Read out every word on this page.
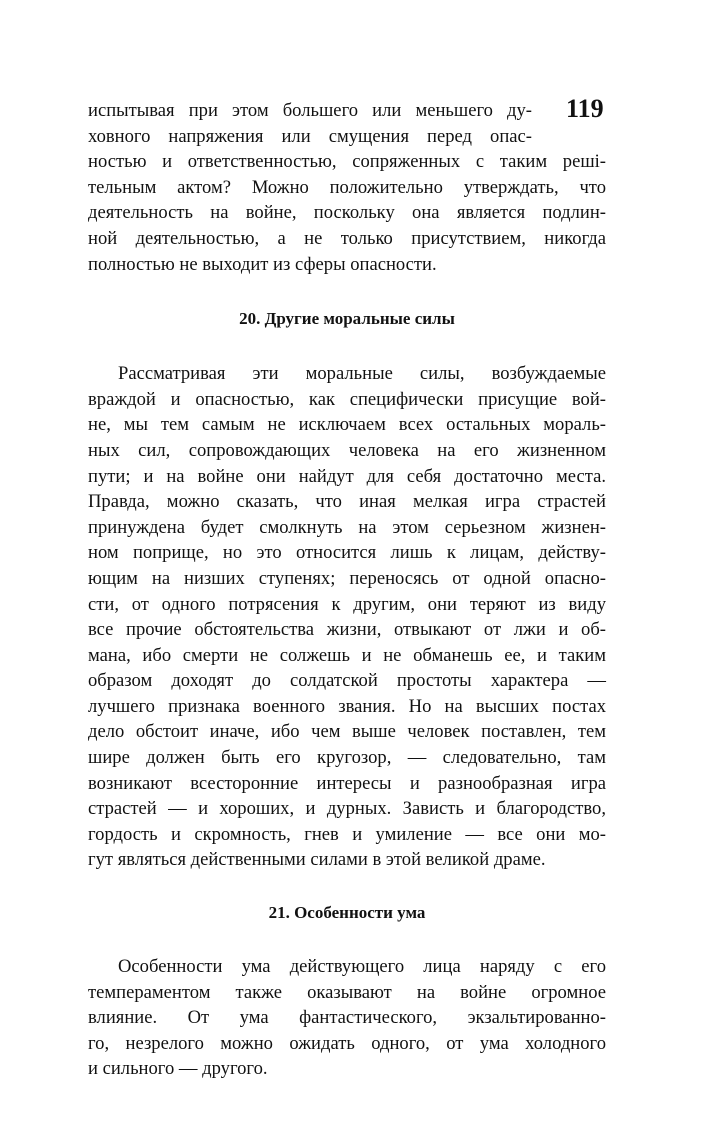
119
испытывая при этом большего или меньшего ду-
ховного напряжения или смущения перед опас-
ностью и ответственностью, сопряженных с таким решi-
тельным актом? Можно положительно утверждать, что
деятельность на войне, поскольку она является подлин-
ной деятельностью, а не только присутствием, никогда
полностью не выходит из сферы опасности.
20. Другие моральные силы
Рассматривая эти моральные силы, возбуждаемые
враждой и опасностью, как специфически присущие вой-
не, мы тем самым не исключаем всех остальных мораль-
ных сил, сопровождающих человека на его жизненном
пути; и на войне они найдут для себя достаточно места.
Правда, можно сказать, что иная мелкая игра страстей
принуждена будет смолкнуть на этом серьезном жизнен-
ном поприще, но это относится лишь к лицам, действу-
ющим на низших ступенях; переносясь от одной опасно-
сти, от одного потрясения к другим, они теряют из виду
все прочие обстоятельства жизни, отвыкают от лжи и об-
мана, ибо смерти не солжешь и не обманешь ее, и таким
образом доходят до солдатской простоты характера —
лучшего признака военного звания. Но на высших постах
дело обстоит иначе, ибо чем выше человек поставлен, тем
шире должен быть его кругозор, — следовательно, там
возникают всесторонние интересы и разнообразная игра
страстей — и хороших, и дурных. Зависть и благородство,
гордость и скромность, гнев и умиление — все они мо-
гут являться действенными силами в этой великой драме.
21. Особенности ума
Особенности ума действующего лица наряду с его
темпераментом также оказывают на войне огромное
влияние. От ума фантастического, экзальтированно-
го, незрелого можно ожидать одного, от ума холодного
и сильного — другого.
